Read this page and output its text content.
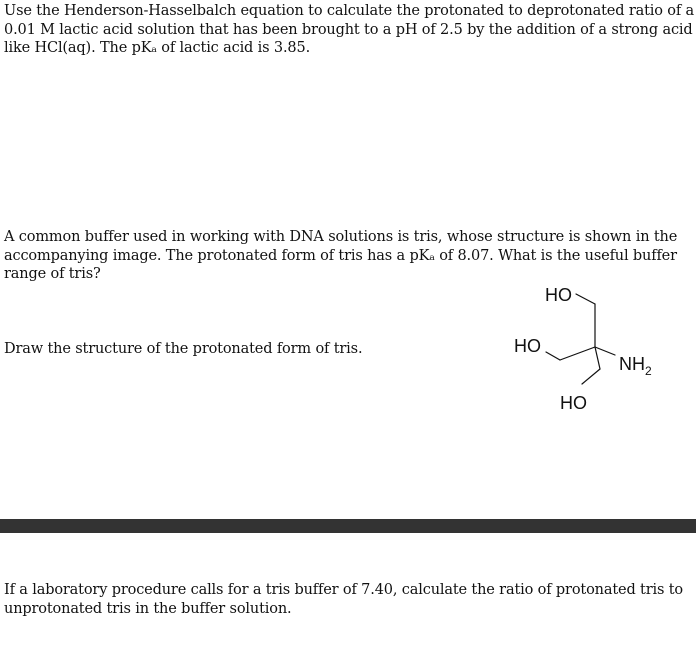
Use the Henderson-Hasselbalch equation to calculate the protonated to deprotonated ratio of a
0.01 M lactic acid solution that has been brought to a pH of 2.5 by the addition of a strong acid
like HCl(aq). The pKₐ of lactic acid is 3.85.
A common buffer used in working with DNA solutions is tris, whose structure is shown in the
accompanying image. The protonated form of tris has a pKₐ of 8.07. What is the useful buffer
range of tris?
Draw the structure of the protonated form of tris.
HO
HO
HO
$NH_2$
If a laboratory procedure calls for a tris buffer of 7.40, calculate the ratio of protonated tris to
unprotonated tris in the buffer solution.
